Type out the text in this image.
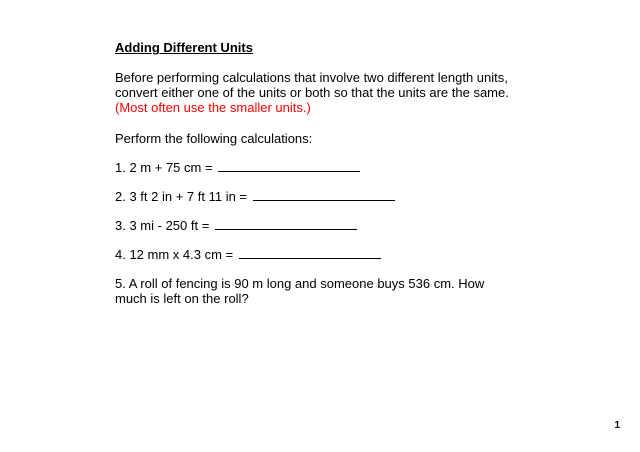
Adding Different Units

Before performing calculations that involve two different length units, convert either one of the units or both so that the units are the same. (Most often use the smaller units.)

Perform the following calculations:

1. 2 m + 75 cm =

2. 3 ft 2 in + 7 ft 11 in =

3. 3 mi - 250 ft =

4. 12 mm x 4.3 cm =

5. A roll of fencing is 90 m long and someone buys 536 cm. How much is left on the roll?

1
